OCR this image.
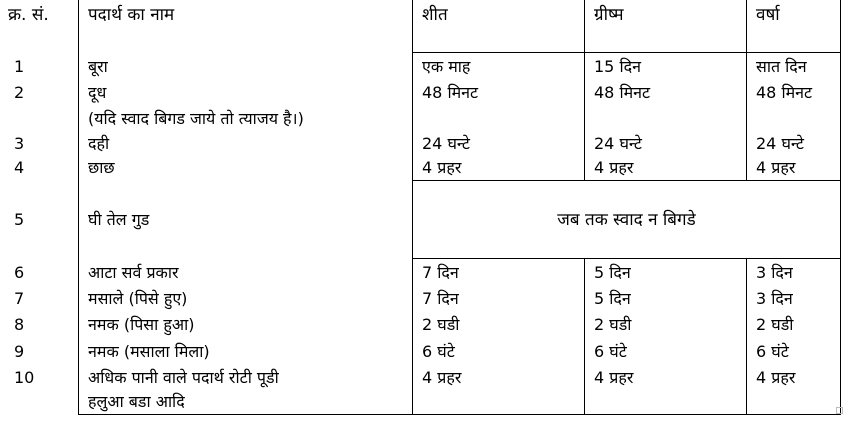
क्र. सं. पदार्थ का नाम	शीत	ग्रीष्म	वर्षा
1	बूरा	एक माह	15 दिन	सात दिन
2	दूध	48 मिनट	48 मिनट	48 मिनट
(यदि स्वाद बिगड जाये तो त्याजय है।)
3	दही	24 घन्टे	24 घन्टे	24 घन्टे
4	छाछ	4 प्रहर	4 प्रहर	4 प्रहर
5	घी तेल गुड	जब तक स्वाद न बिगडे
6	आटा सर्व प्रकार	7 दिन	5 दिन	3 दिन
7	मसाले (पिसे हुए)	7 दिन	5 दिन	3 दिन
8	नमक (पिसा हुआ)	2 घडी	2 घडी	2 घडी
9	नमक (मसाला मिला)	6 घंटे	6 घंटे	6 घंटे
10	अधिक पानी वाले पदार्थ रोटी पूडी	4 प्रहर	4 प्रहर	4 प्रहर
हलुआ बडा आदि
